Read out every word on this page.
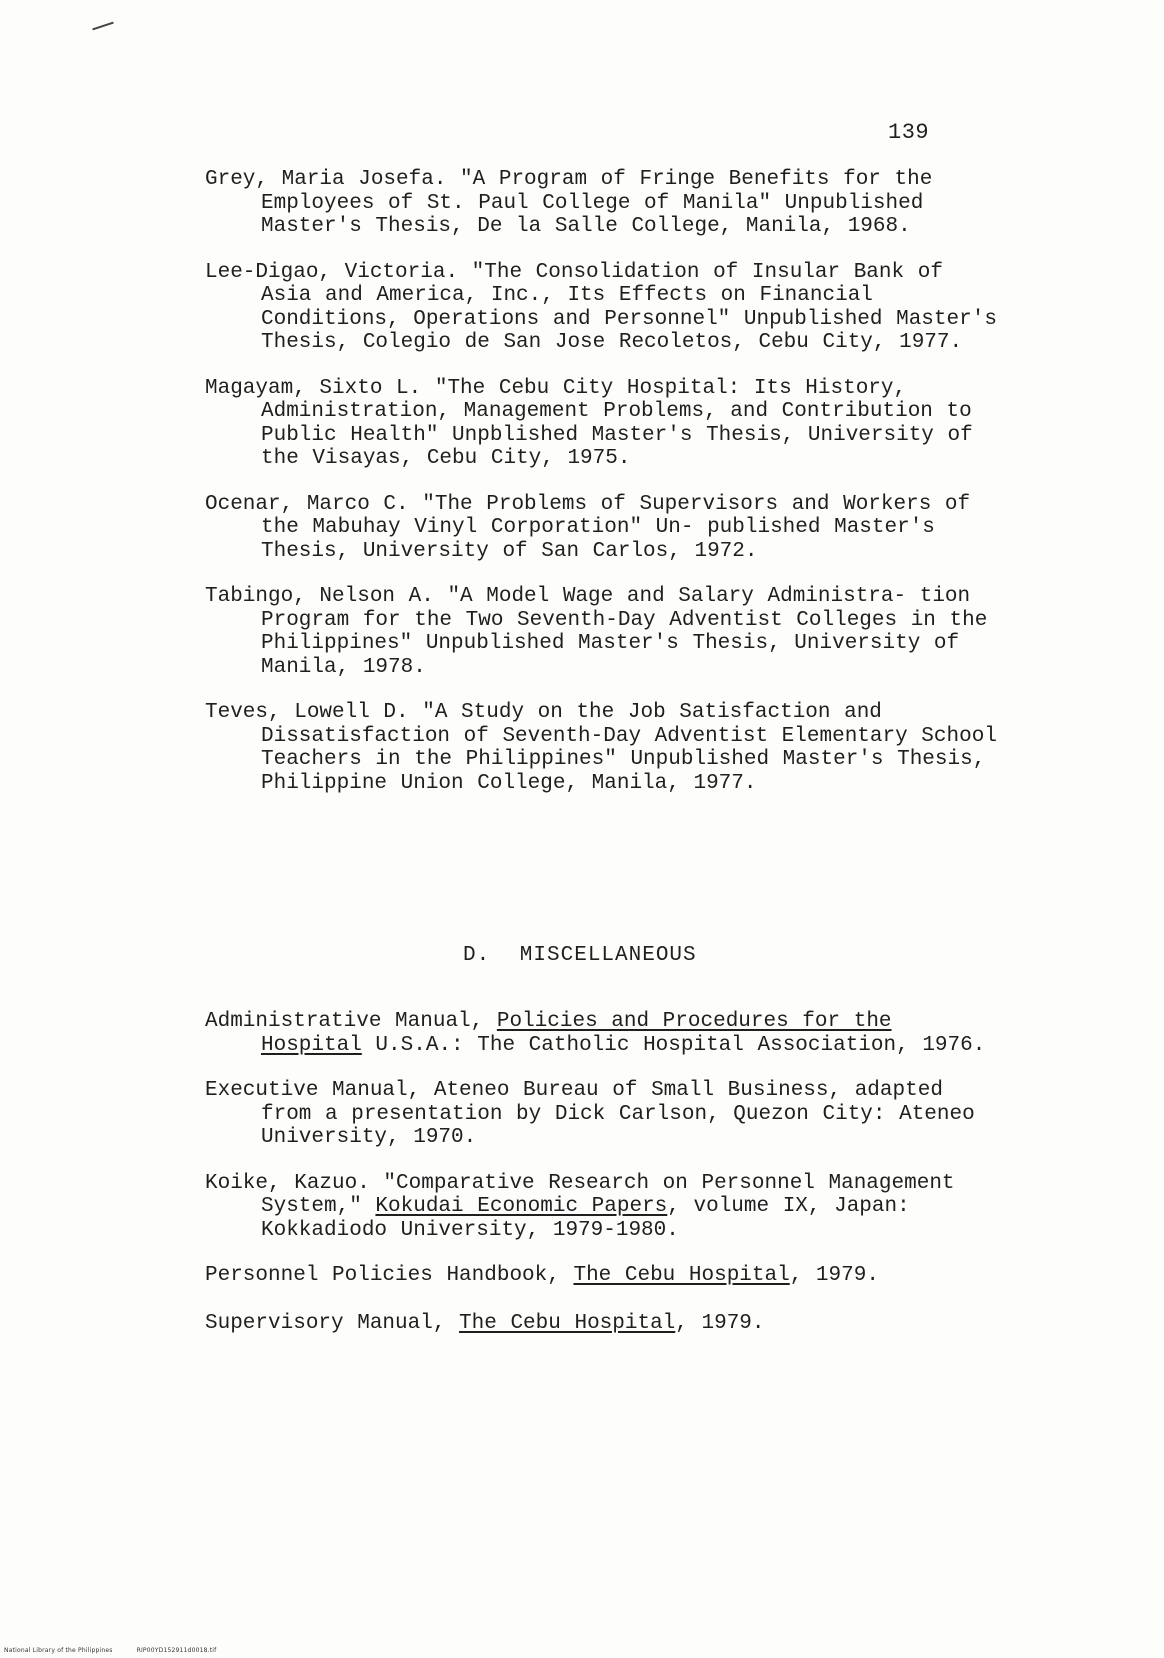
139

Grey, Maria Josefa. "A Program of Fringe Benefits for the Employees of St. Paul College of Manila" Unpublished Master's Thesis, De la Salle College, Manila, 1968.

Lee-Digao, Victoria. "The Consolidation of Insular Bank of Asia and America, Inc., Its Effects on Financial Conditions, Operations and Personnel" Unpublished Master's Thesis, Colegio de San Jose Recoletos, Cebu City, 1977.

Magayam, Sixto L. "The Cebu City Hospital: Its History, Administration, Management Problems, and Contribution to Public Health" Unpblished Master's Thesis, University of the Visayas, Cebu City, 1975.

Ocenar, Marco C. "The Problems of Supervisors and Workers of the Mabuhay Vinyl Corporation" Un- published Master's Thesis, University of San Carlos, 1972.

Tabingo, Nelson A. "A Model Wage and Salary Administra- tion Program for the Two Seventh-Day Adventist Colleges in the Philippines" Unpublished Master's Thesis, University of Manila, 1978.

Teves, Lowell D. "A Study on the Job Satisfaction and Dissatisfaction of Seventh-Day Adventist Elementary School Teachers in the Philippines" Unpublished Master's Thesis, Philippine Union College, Manila, 1977.

D. MISCELLANEOUS

Administrative Manual, Policies and Procedures for the Hospital U.S.A.: The Catholic Hospital Association, 1976.

Executive Manual, Ateneo Bureau of Small Business, adapted from a presentation by Dick Carlson, Quezon City: Ateneo University, 1970.

Koike, Kazuo. "Comparative Research on Personnel Management System," Kokudai Economic Papers, volume IX, Japan: Kokkadiodo University, 1979-1980.

Personnel Policies Handbook, The Cebu Hospital, 1979.

Supervisory Manual, The Cebu Hospital, 1979.

National Library of the Philippines	RIP00YD152911d0018.tif
